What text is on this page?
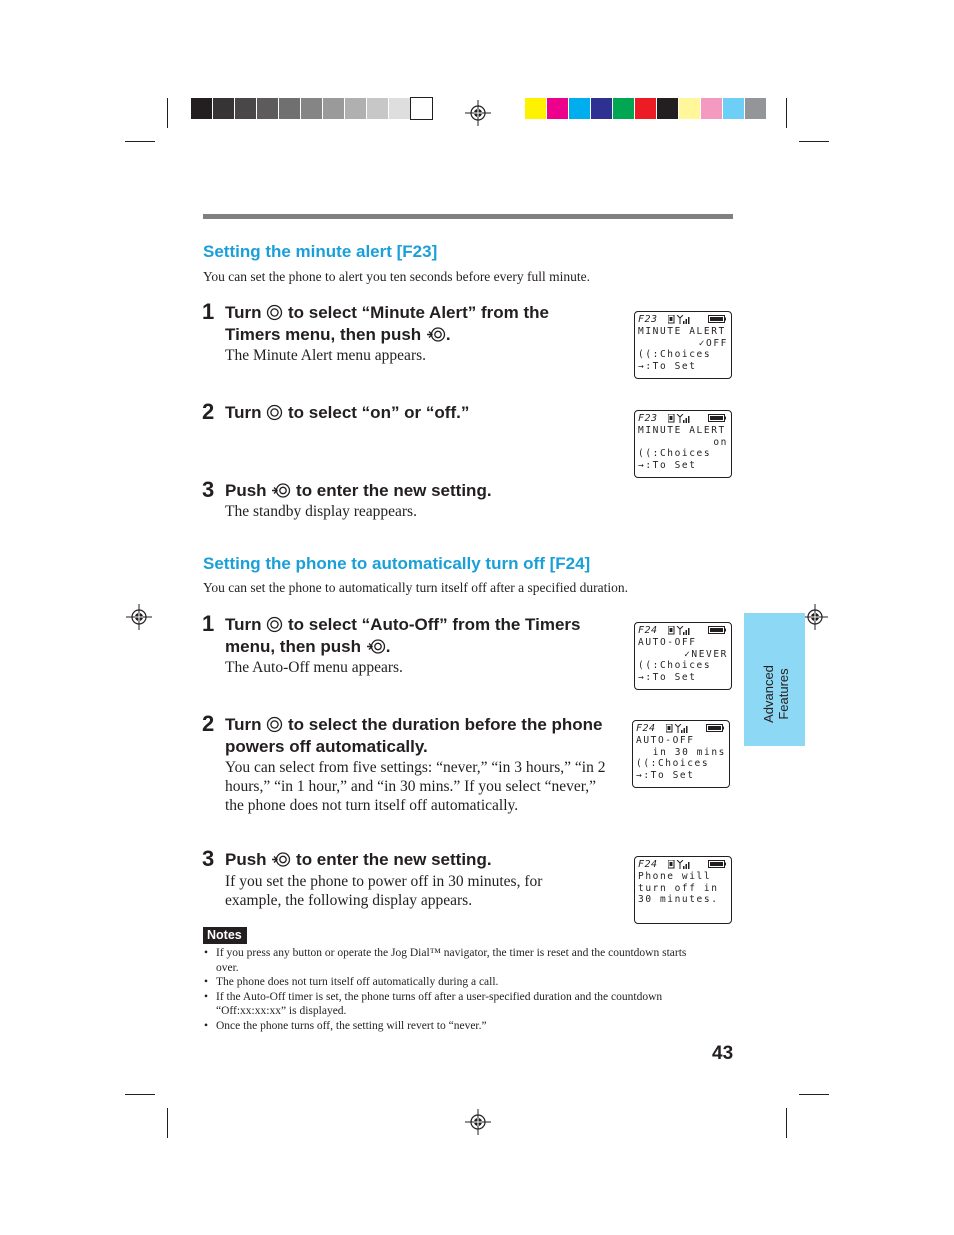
Setting the minute alert [F23]
You can set the phone to alert you ten seconds before every full minute.
1 Turn to select “Minute Alert” from the Timers menu, then push .
The Minute Alert menu appears.
2 Turn to select “on” or “off.”
3 Push to enter the new setting.
The standby display reappears.
F23
MINUTE ALERT
✓OFF
((:Choices
→:To Set
F23
MINUTE ALERT
on
((:Choices
→:To Set
Setting the phone to automatically turn off [F24]
You can set the phone to automatically turn itself off after a specified duration.
1 Turn to select “Auto-Off” from the Timers menu, then push .
The Auto-Off menu appears.
2 Turn to select the duration before the phone powers off automatically.
You can select from five settings: “never,” “in 3 hours,” “in 2 hours,” “in 1 hour,” and “in 30 mins.” If you select “never,” the phone does not turn itself off automatically.
3 Push to enter the new setting.
If you set the phone to power off in 30 minutes, for example, the following display appears.
F24
AUTO-OFF
✓NEVER
((:Choices
→:To Set
F24
AUTO-OFF
in 30 mins
((:Choices
→:To Set
F24
Phone will
turn off in
30 minutes.
Advanced Features
Notes
• If you press any button or operate the Jog Dial™ navigator, the timer is reset and the countdown starts over.
• The phone does not turn itself off automatically during a call.
• If the Auto-Off timer is set, the phone turns off after a user-specified duration and the countdown “Off:xx:xx:xx” is displayed.
• Once the phone turns off, the setting will revert to “never.”
43
